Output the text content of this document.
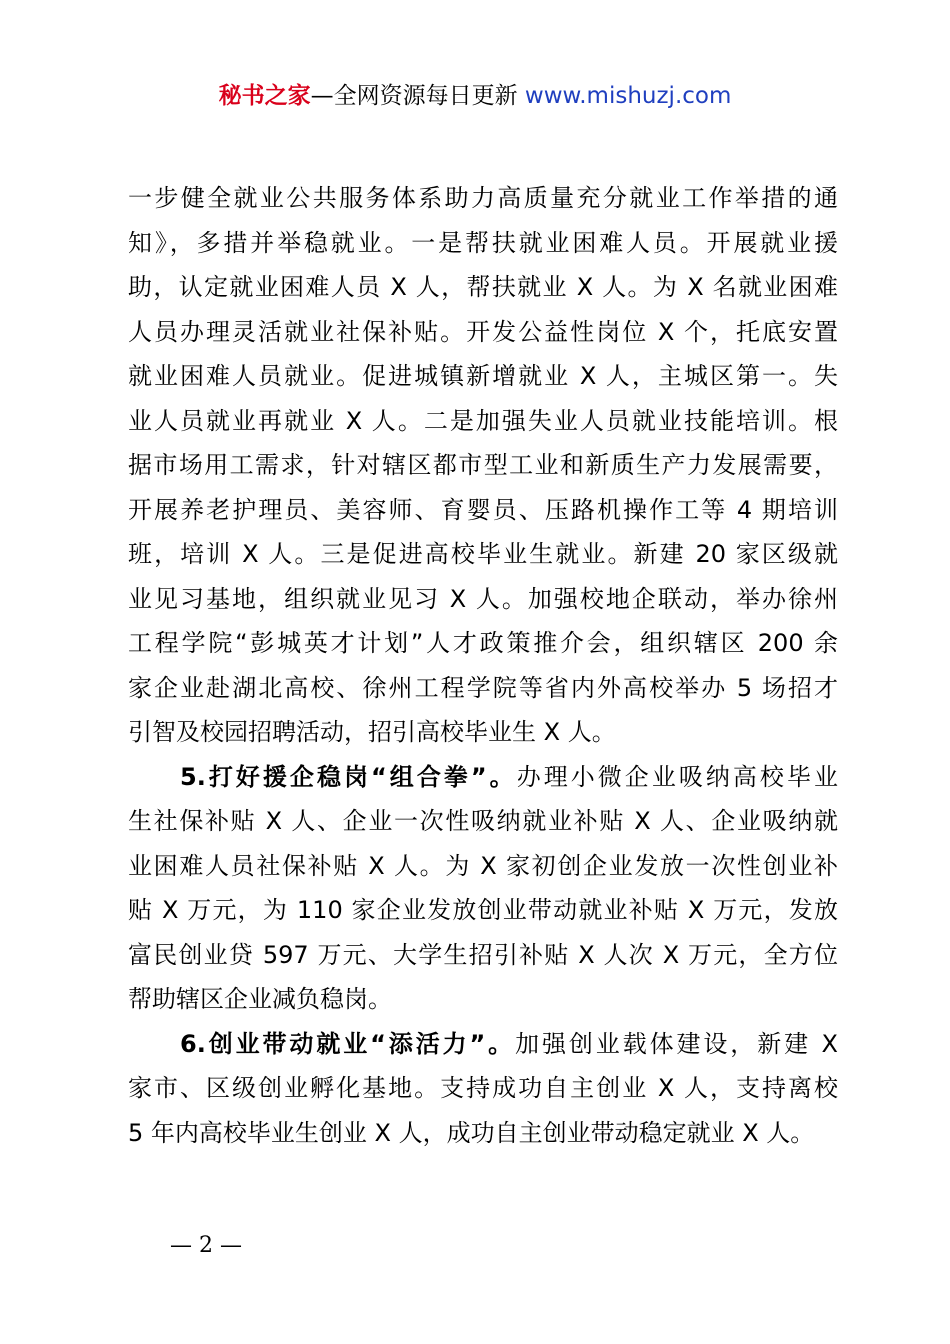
秘书之家—全网资源每日更新 www.mishuzj.com
一步健全就业公共服务体系助力高质量充分就业工作举措的通
知》，多措并举稳就业。一是帮扶就业困难人员。开展就业援
助，认定就业困难人员 X 人，帮扶就业 X 人。为 X 名就业困难
人员办理灵活就业社保补贴。开发公益性岗位 X 个，托底安置
就业困难人员就业。促进城镇新增就业 X 人，主城区第一。失
业人员就业再就业 X 人。二是加强失业人员就业技能培训。根
据市场用工需求，针对辖区都市型工业和新质生产力发展需要，
开展养老护理员、美容师、育婴员、压路机操作工等 4 期培训
班，培训 X 人。三是促进高校毕业生就业。新建 20 家区级就
业见习基地，组织就业见习 X 人。加强校地企联动，举办徐州
工程学院“彭城英才计划”人才政策推介会，组织辖区 200 余
家企业赴湖北高校、徐州工程学院等省内外高校举办 5 场招才
引智及校园招聘活动，招引高校毕业生 X 人。
5.打好援企稳岗“组合拳”。办理小微企业吸纳高校毕业
生社保补贴 X 人、企业一次性吸纳就业补贴 X 人、企业吸纳就
业困难人员社保补贴 X 人。为 X 家初创企业发放一次性创业补
贴 X 万元，为 110 家企业发放创业带动就业补贴 X 万元，发放
富民创业贷 597 万元、大学生招引补贴 X 人次 X 万元，全方位
帮助辖区企业减负稳岗。
6.创业带动就业“添活力”。加强创业载体建设，新建 X
家市、区级创业孵化基地。支持成功自主创业 X 人，支持离校
5 年内高校毕业生创业 X 人，成功自主创业带动稳定就业 X 人。
— 2 —
